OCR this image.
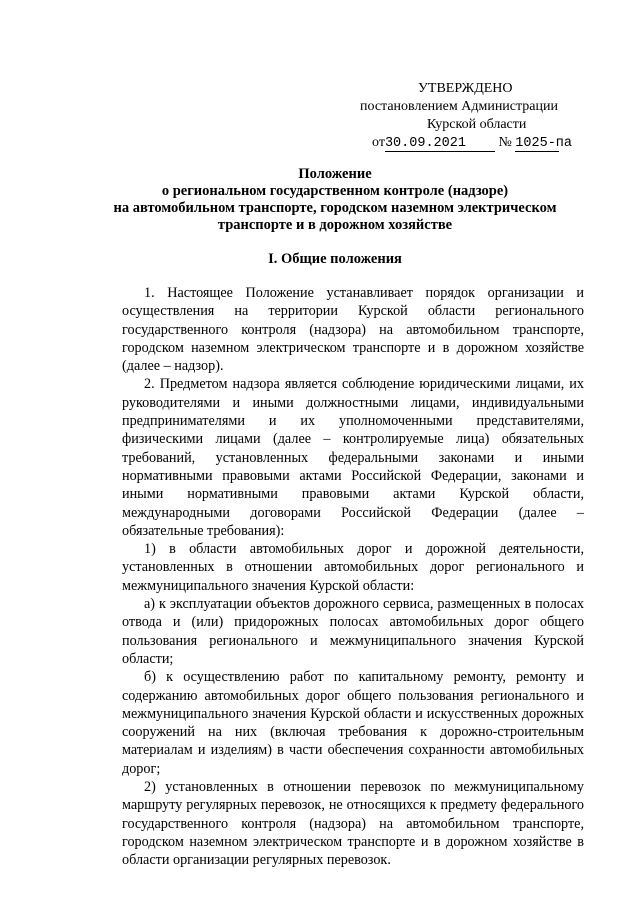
УТВЕРЖДЕНО
постановлением Администрации
Курской области
от30.09.2021 № 1025-па
Положение
о региональном государственном контроле (надзоре)
на автомобильном транспорте, городском наземном электрическом
транспорте и в дорожном хозяйстве
I. Общие положения

1. Настоящее Положение устанавливает порядок организации и осуществления на территории Курской области регионального государственного контроля (надзора) на автомобильном транспорте, городском наземном электрическом транспорте и в дорожном хозяйстве (далее – надзор).

2. Предметом надзора является соблюдение юридическими лицами, их руководителями и иными должностными лицами, индивидуальными предпринимателями и их уполномоченными представителями, физическими лицами (далее – контролируемые лица) обязательных требований, установленных федеральными законами и иными нормативными правовыми актами Российской Федерации, законами и иными нормативными правовыми актами Курской области, международными договорами Российской Федерации (далее – обязательные требования):

1) в области автомобильных дорог и дорожной деятельности, установленных в отношении автомобильных дорог регионального и межмуниципального значения Курской области:

а) к эксплуатации объектов дорожного сервиса, размещенных в полосах отвода и (или) придорожных полосах автомобильных дорог общего пользования регионального и межмуниципального значения Курской области;

б) к осуществлению работ по капитальному ремонту, ремонту и содержанию автомобильных дорог общего пользования регионального и межмуниципального значения Курской области и искусственных дорожных сооружений на них (включая требования к дорожно-строительным материалам и изделиям) в части обеспечения сохранности автомобильных дорог;

2) установленных в отношении перевозок по межмуниципальному маршруту регулярных перевозок, не относящихся к предмету федерального государственного контроля (надзора) на автомобильном транспорте, городском наземном электрическом транспорте и в дорожном хозяйстве в области организации регулярных перевозок.
